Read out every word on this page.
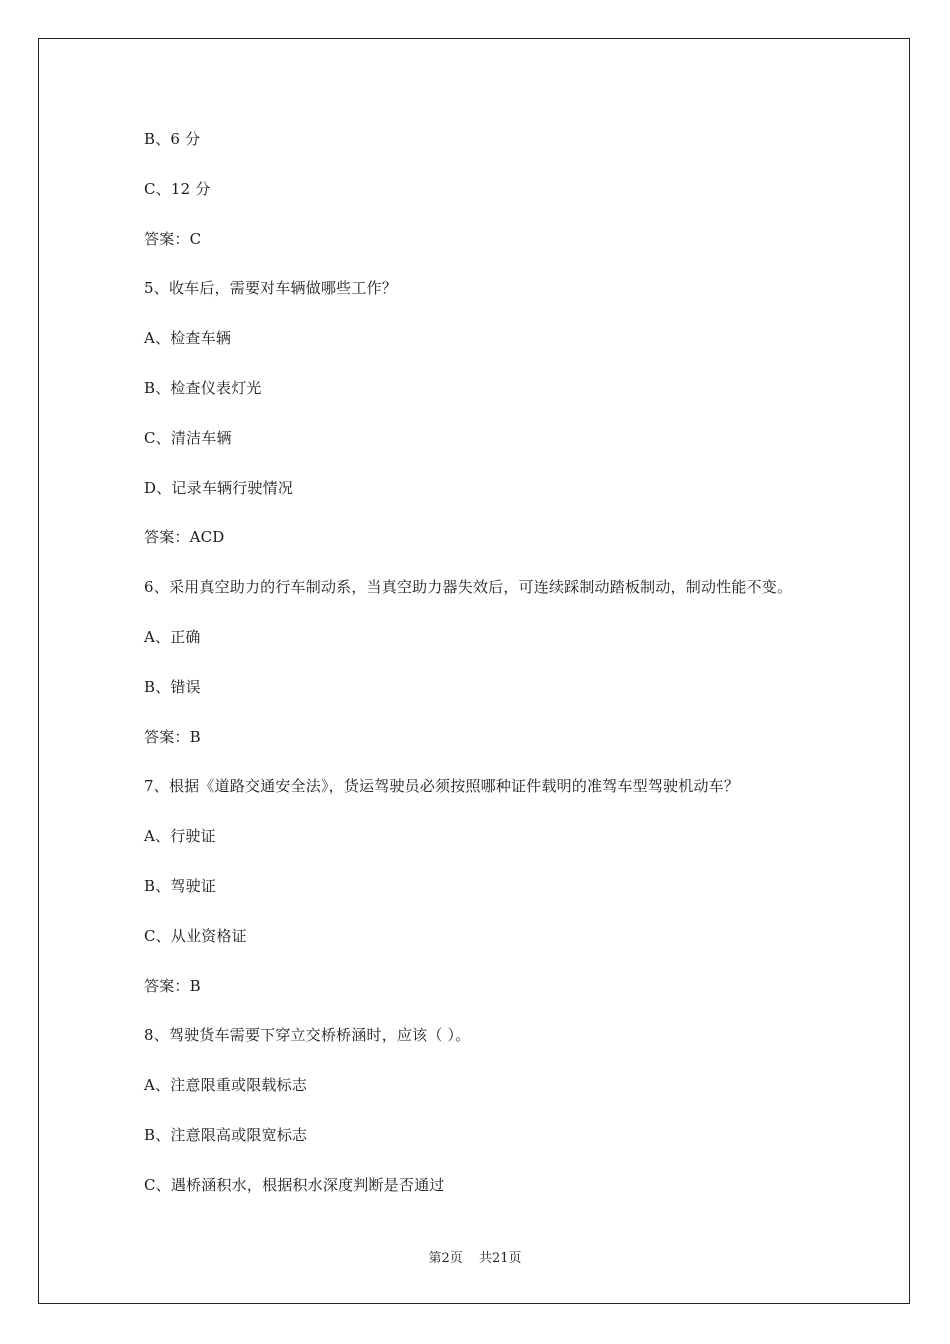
B、6 分
C、12 分
答案：C
5、收车后，需要对车辆做哪些工作？
A、检查车辆
B、检查仪表灯光
C、清洁车辆
D、记录车辆行驶情况
答案：ACD
6、采用真空助力的行车制动系，当真空助力器失效后，可连续踩制动踏板制动，制动性能不变。
A、正确
B、错误
答案：B
7、根据《道路交通安全法》，货运驾驶员必须按照哪种证件载明的准驾车型驾驶机动车？
A、行驶证
B、驾驶证
C、从业资格证
答案：B
8、驾驶货车需要下穿立交桥桥涵时，应该（ ）。
A、注意限重或限载标志
B、注意限高或限宽标志
C、遇桥涵积水，根据积水深度判断是否通过
第2页 共21页
